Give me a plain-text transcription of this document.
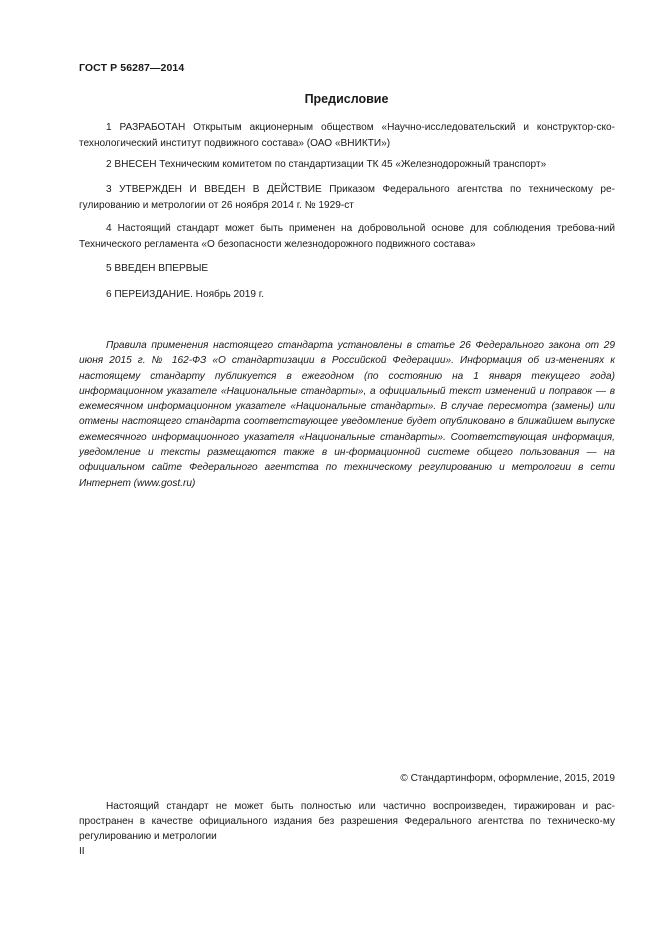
ГОСТ Р 56287—2014
Предисловие

1 РАЗРАБОТАН Открытым акционерным обществом «Научно-исследовательский и конструктор-ско-технологический институт подвижного состава» (ОАО «ВНИКТИ»)

2 ВНЕСЕН Техническим комитетом по стандартизации ТК 45 «Железнодорожный транспорт»

3 УТВЕРЖДЕН И ВВЕДЕН В ДЕЙСТВИЕ Приказом Федерального агентства по техническому ре-гулированию и метрологии от 26 ноября 2014 г. № 1929-ст

4 Настоящий стандарт может быть применен на добровольной основе для соблюдения требова-ний Технического регламента «О безопасности железнодорожного подвижного состава»

5 ВВЕДЕН ВПЕРВЫЕ

6 ПЕРЕИЗДАНИЕ. Ноябрь 2019 г.

Правила применения настоящего стандарта установлены в статье 26 Федерального закона от 29 июня 2015 г. № 162-ФЗ «О стандартизации в Российской Федерации». Информация об из-менениях к настоящему стандарту публикуется в ежегодном (по состоянию на 1 января текущего года) информационном указателе «Национальные стандарты», а официальный текст изменений и поправок — в ежемесячном информационном указателе «Национальные стандарты». В случае пересмотра (замены) или отмены настоящего стандарта соответствующее уведомление будет опубликовано в ближайшем выпуске ежемесячного информационного указателя «Национальные стандарты». Соответствующая информация, уведомление и тексты размещаются также в ин-формационной системе общего пользования — на официальном сайте Федерального агентства по техническому регулированию и метрологии в сети Интернет (www.gost.ru)

© Стандартинформ, оформление, 2015, 2019

Настоящий стандарт не может быть полностью или частично воспроизведен, тиражирован и рас-пространен в качестве официального издания без разрешения Федерального агентства по техническо-му регулированию и метрологии

II
